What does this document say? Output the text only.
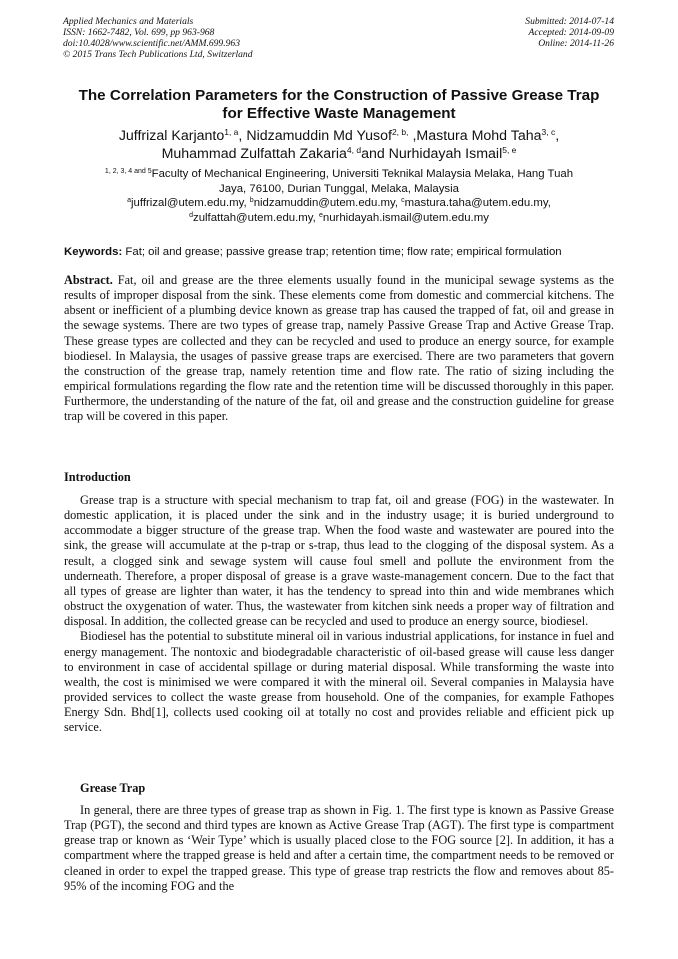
Applied Mechanics and Materials
ISSN: 1662-7482, Vol. 699, pp 963-968
doi:10.4028/www.scientific.net/AMM.699.963
© 2015 Trans Tech Publications Ltd, Switzerland
Submitted: 2014-07-14
Accepted: 2014-09-09
Online: 2014-11-26
The Correlation Parameters for the Construction of Passive Grease Trap
for Effective Waste Management
Juffrizal Karjanto$^{1, a}$, Nidzamuddin Md Yusof$^{2, b,}$ ,Mastura Mohd Taha$^{3, c}$,
Muhammad Zulfattah Zakaria$^{4, d}$and Nurhidayah Ismail$^{5, e}$
$^{1, 2, 3, 4 and 5}$Faculty of Mechanical Engineering, Universiti Teknikal Malaysia Melaka, Hang Tuah
Jaya, 76100, Durian Tunggal, Melaka, Malaysia
$^a$juffrizal@utem.edu.my, $^b$nidzamuddin@utem.edu.my, $^c$mastura.taha@utem.edu.my,
$^d$zulfattah@utem.edu.my, $^e$nurhidayah.ismail@utem.edu.my
Keywords: Fat; oil and grease; passive grease trap; retention time; flow rate; empirical formulation
Abstract. Fat, oil and grease are the three elements usually found in the municipal sewage systems as the results of improper disposal from the sink. These elements come from domestic and commercial kitchens. The absent or inefficient of a plumbing device known as grease trap has caused the trapped of fat, oil and grease in the sewage systems. There are two types of grease trap, namely Passive Grease Trap and Active Grease Trap. These grease types are collected and they can be recycled and used to produce an energy source, for example biodiesel. In Malaysia, the usages of passive grease traps are exercised. There are two parameters that govern the construction of the grease trap, namely retention time and flow rate. The ratio of sizing including the empirical formulations regarding the flow rate and the retention time will be discussed thoroughly in this paper. Furthermore, the understanding of the nature of the fat, oil and grease and the construction guideline for grease trap will be covered in this paper.
Introduction

Grease trap is a structure with special mechanism to trap fat, oil and grease (FOG) in the wastewater. In domestic application, it is placed under the sink and in the industry usage; it is buried underground to accommodate a bigger structure of the grease trap. When the food waste and wastewater are poured into the sink, the grease will accumulate at the p-trap or s-trap, thus lead to the clogging of the disposal system. As a result, a clogged sink and sewage system will cause foul smell and pollute the environment from the underneath. Therefore, a proper disposal of grease is a grave waste-management concern. Due to the fact that all types of grease are lighter than water, it has the tendency to spread into thin and wide membranes which obstruct the oxygenation of water. Thus, the wastewater from kitchen sink needs a proper way of filtration and disposal. In addition, the collected grease can be recycled and used to produce an energy source, biodiesel.

Biodiesel has the potential to substitute mineral oil in various industrial applications, for instance in fuel and energy management. The nontoxic and biodegradable characteristic of oil-based grease will cause less danger to environment in case of accidental spillage or during material disposal. While transforming the waste into wealth, the cost is minimised we were compared it with the mineral oil. Several companies in Malaysia have provided services to collect the waste grease from household. One of the companies, for example Fathopes Energy Sdn. Bhd[1], collects used cooking oil at totally no cost and provides reliable and efficient pick up service.

Grease Trap

In general, there are three types of grease trap as shown in Fig. 1. The first type is known as Passive Grease Trap (PGT), the second and third types are known as Active Grease Trap (AGT). The first type is compartment grease trap or known as ‘Weir Type’ which is usually placed close to the FOG source [2]. In addition, it has a compartment where the trapped grease is held and after a certain time, the compartment needs to be removed or cleaned in order to expel the trapped grease. This type of grease trap restricts the flow and removes about 85-95% of the incoming FOG and the
